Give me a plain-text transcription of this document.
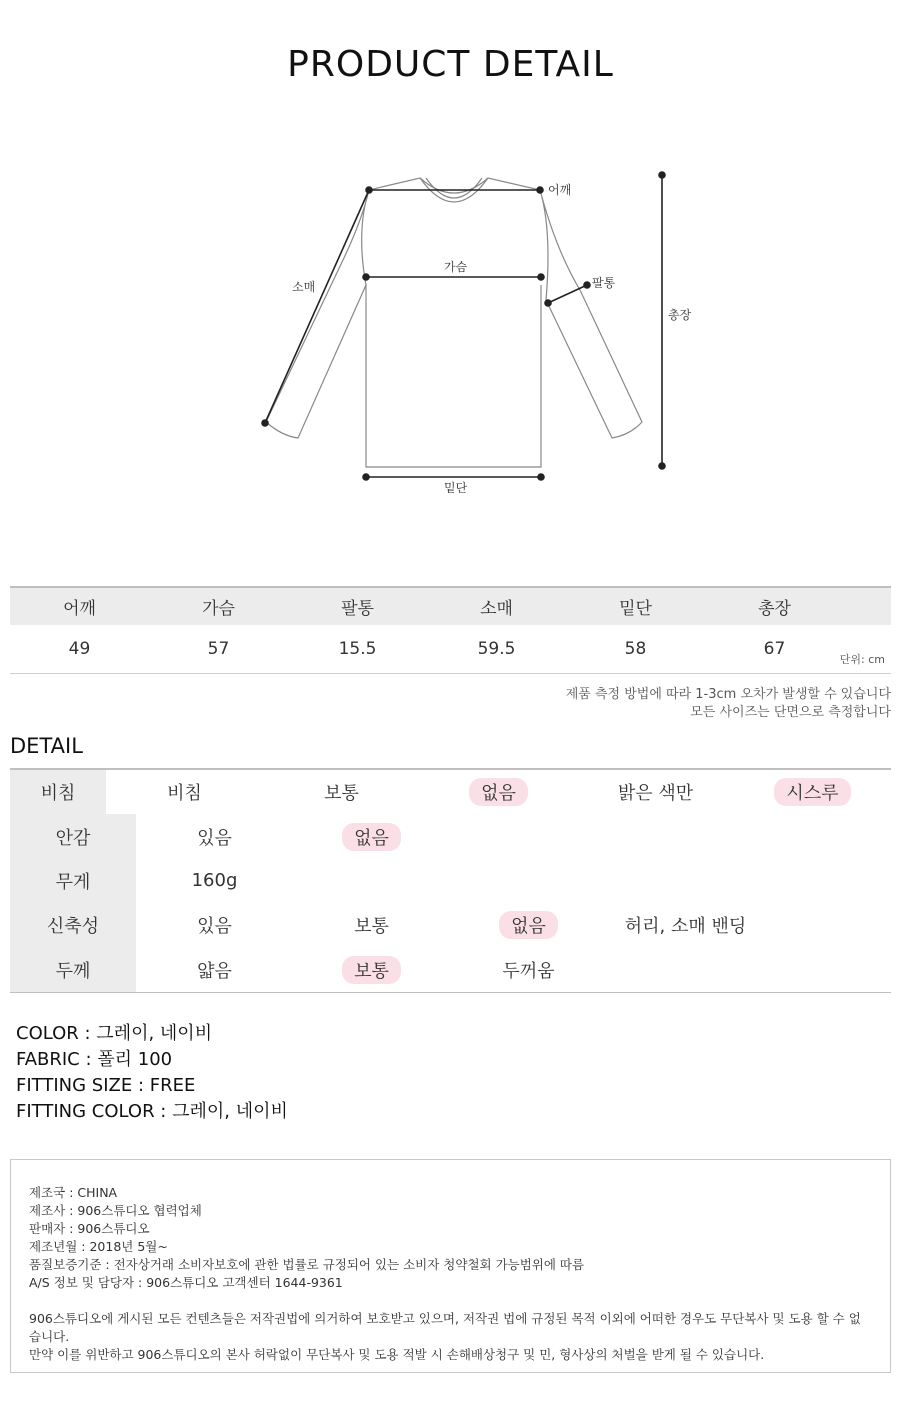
PRODUCT DETAIL
어깨
가슴
소매	팔통
밑단
총장
어깨	가슴	팔통	소매	밑단	총장
49	57	15.5	59.5	58	67
단위: cm
제품 측정 방법에 따라 1-3cm 오차가 발생할 수 있습니다
모든 사이즈는 단면으로 측정합니다
DETAIL
비침	비침	보통	없음	밝은 색만	시스루
안감	있음	없음
무게	160g
신축성	있음	보통	없음	허리, 소매 밴딩
두께	얇음	보통	두꺼움
COLOR : 그레이, 네이비
FABRIC : 폴리 100
FITTING SIZE : FREE
FITTING COLOR : 그레이, 네이비
제조국 : CHINA
제조사 : 906스튜디오 협력업체
판매자 : 906스튜디오
제조년월 : 2018년 5월~
품질보증기준 : 전자상거래 소비자보호에 관한 법률로 규정되어 있는 소비자 청약철회 가능범위에 따름
A/S 정보 및 담당자 : 906스튜디오 고객센터 1644-9361
906스튜디오에 게시된 모든 컨텐츠들은 저작권법에 의거하여 보호받고 있으며, 저작권 법에 규정된 목적 이외에 어떠한 경우도 무단복사 및 도용 할 수 없습니다.
만약 이를 위반하고 906스튜디오의 본사 허락없이 무단복사 및 도용 적발 시 손해배상청구 및 민, 형사상의 처벌을 받게 될 수 있습니다.
